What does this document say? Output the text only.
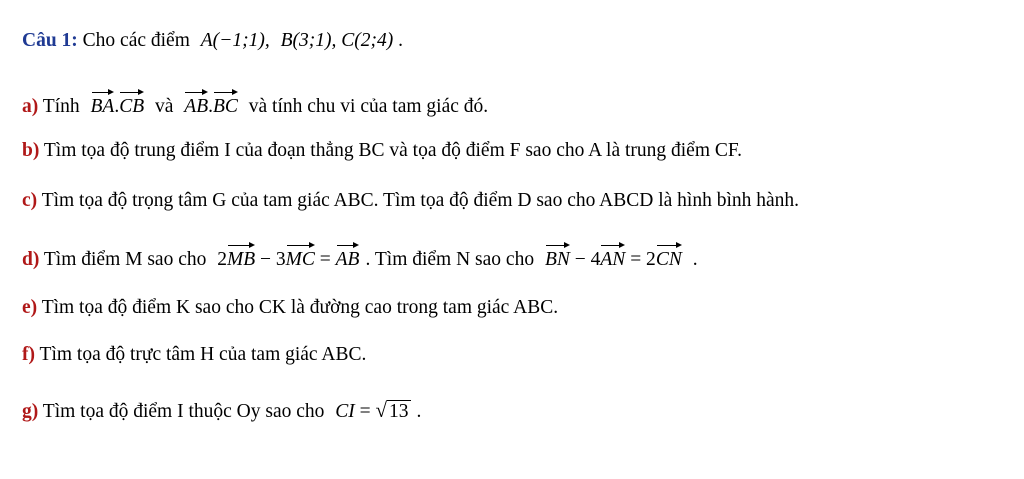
Câu 1: Cho các điểm A(−1;1), B(3;1), C(2;4) .
a) Tính BA.CB và AB.BC và tính chu vi của tam giác đó.
b) Tìm tọa độ trung điểm I của đoạn thẳng BC và tọa độ điểm F sao cho A là trung điểm CF.
c) Tìm tọa độ trọng tâm G của tam giác ABC. Tìm tọa độ điểm D sao cho ABCD là hình bình hành.
d) Tìm điểm M sao cho 2MB − 3MC = AB . Tìm điểm N sao cho BN − 4AN = 2CN .
e) Tìm tọa độ điểm K sao cho CK là đường cao trong tam giác ABC.
f) Tìm tọa độ trực tâm H của tam giác ABC.
g) Tìm tọa độ điểm I thuộc Oy sao cho CI = √ 13 .
